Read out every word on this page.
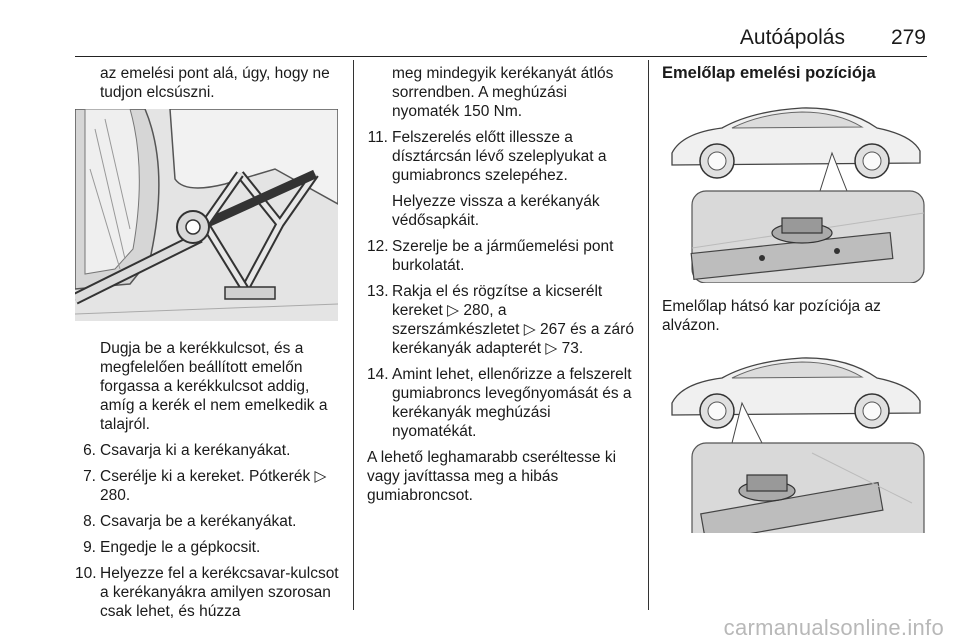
Autóápolás 279

az emelési pont alá, úgy, hogy ne tudjon elcsúszni.

Dugja be a kerékkulcsot, és a megfelelően beállított emelőn forgassa a kerékkulcsot addig, amíg a kerék el nem emelkedik a talajról.

6. Csavarja ki a kerékanyákat.
7. Cserélje ki a kereket. Pótkerék ▷ 280.
8. Csavarja be a kerékanyákat.
9. Engedje le a gépkocsit.
10. Helyezze fel a kerékcsavar-kulcsot a kerékanyákra amilyen szorosan csak lehet, és húzza

meg mindegyik kerékanyát átlós sorrendben. A meghúzási nyomaték 150 Nm.

11. Felszerelés előtt illessze a dísztárcsán lévő szeleplyukat a gumiabroncs szelepéhez.

Helyezze vissza a kerékanyák védősapkáit.

12. Szerelje be a járműemelési pont burkolatát.
13. Rakja el és rögzítse a kicserélt kereket ▷ 280, a szerszámkészletet ▷ 267 és a záró kerékanyák adapterét ▷ 73.
14. Amint lehet, ellenőrizze a felszerelt gumiabroncs levegőnyomását és a kerékanyák meghúzási nyomatékát.

A lehető leghamarabb cseréltesse ki vagy javíttassa meg a hibás gumiabroncsot.

Emelőlap emelési pozíciója

Emelőlap hátsó kar pozíciója az alvázon.

carmanualsonline.info
